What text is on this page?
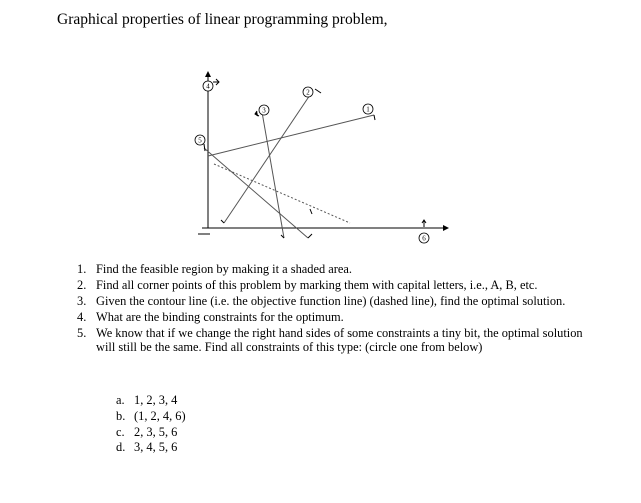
Graphical properties of linear programming problem,
4
3
2
1
5
6
1. Find the feasible region by making it a shaded area.
2. Find all corner points of this problem by marking them with capital letters, i.e., A, B, etc.
3. Given the contour line (i.e. the objective function line) (dashed line), find the optimal solution.
4. What are the binding constraints for the optimum.
5. We know that if we change the right hand sides of some constraints a tiny bit, the optimal solution will still be the same. Find all constraints of this type: (circle one from below)
a. 1, 2, 3, 4
b. (1, 2, 4, 6)
c. 2, 3, 5, 6
d. 3, 4, 5, 6
